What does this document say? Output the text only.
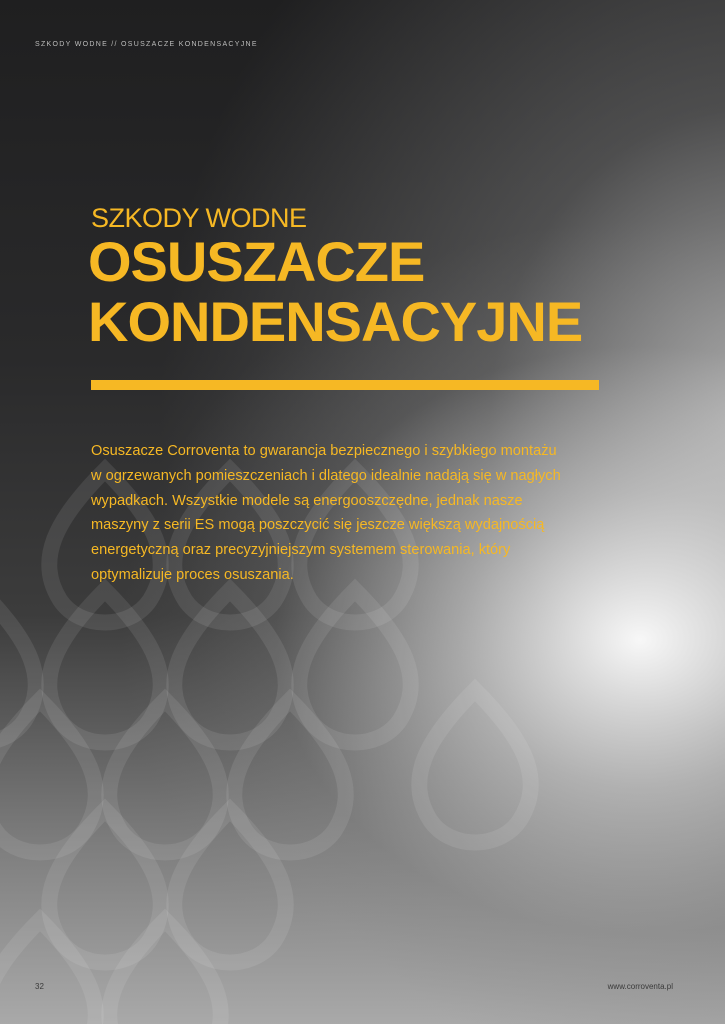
SZKODY WODNE // OSUSZACZE KONDENSACYJNE
SZKODY WODNE
OSUSZACZE
KONDENSACYJNE

Osuszacze Corroventa to gwarancja bezpiecznego i szybkiego montażu w ogrzewanych pomieszczeniach i dlatego idealnie nadają się w nagłych wypadkach. Wszystkie modele są energooszczędne, jednak nasze maszyny z serii ES mogą poszczycić się jeszcze większą wydajnością energetyczną oraz precyzyjniejszym systemem sterowania, który optymalizuje proces osuszania.

32	www.corroventa.pl
